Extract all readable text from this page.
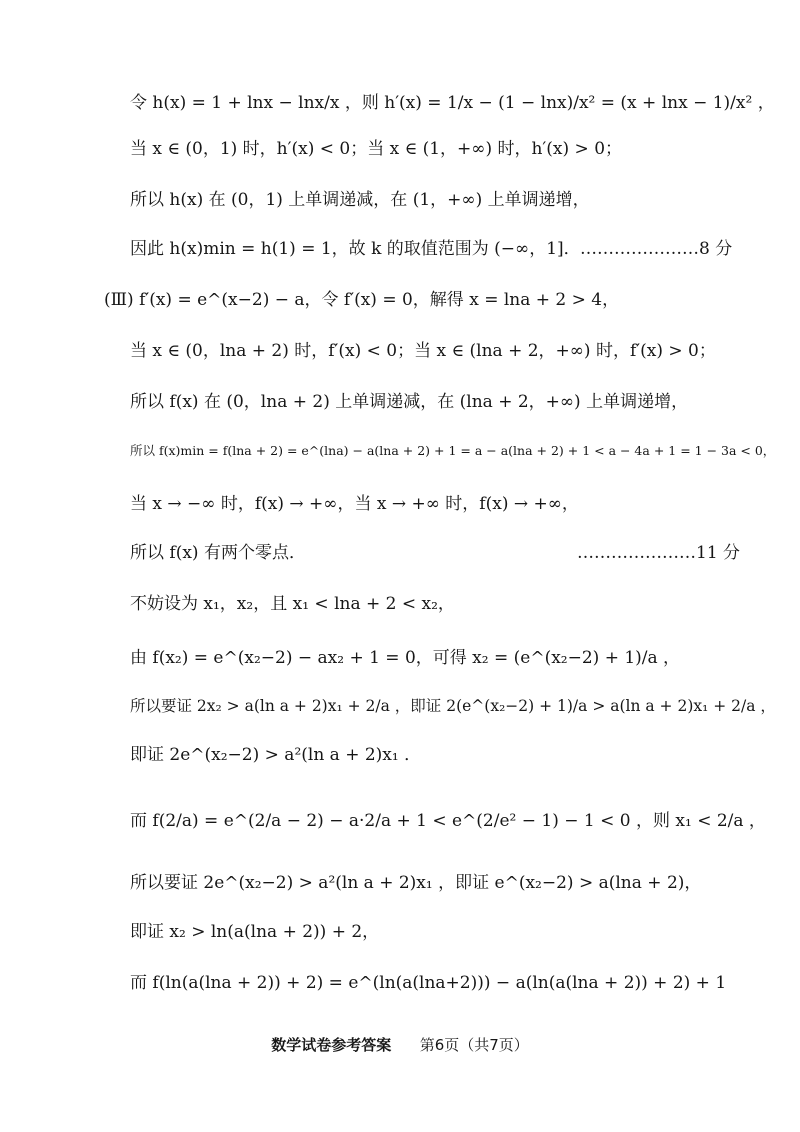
令 h(x) = 1 + lnx − lnx/x ，则 h′(x) = 1/x − (1 − lnx)/x² = (x + lnx − 1)/x² ，
当 x ∈ (0，1) 时，h′(x) < 0；当 x ∈ (1，+∞) 时，h′(x) > 0；
所以 h(x) 在 (0，1) 上单调递减，在 (1，+∞) 上单调递增，
因此 h(x)min = h(1) = 1，故 k 的取值范围为 (−∞，1]． …………………8 分
(Ⅲ) f′(x) = e^(x−2) − a，令 f′(x) = 0，解得 x = lna + 2 > 4，
当 x ∈ (0，lna + 2) 时，f′(x) < 0；当 x ∈ (lna + 2，+∞) 时，f′(x) > 0；
所以 f(x) 在 (0，lna + 2) 上单调递减，在 (lna + 2，+∞) 上单调递增，
所以 f(x)min = f(lna + 2) = e^(lna) − a(lna + 2) + 1 = a − a(lna + 2) + 1 < a − 4a + 1 = 1 − 3a < 0，
当 x → −∞ 时，f(x) → +∞，当 x → +∞ 时，f(x) → +∞，
所以 f(x) 有两个零点．	…………………11 分
不妨设为 x₁，x₂，且 x₁ < lna + 2 < x₂，
由 f(x₂) = e^(x₂−2) − ax₂ + 1 = 0，可得 x₂ = (e^(x₂−2) + 1)/a ，
所以要证 2x₂ > a(ln a + 2)x₁ + 2/a ，即证 2(e^(x₂−2) + 1)/a > a(ln a + 2)x₁ + 2/a ，
即证 2e^(x₂−2) > a²(ln a + 2)x₁ ．
而 f(2/a) = e^(2/a − 2) − a·2/a + 1 < e^(2/e² − 1) − 1 < 0 ，则 x₁ < 2/a ，
所以要证 2e^(x₂−2) > a²(ln a + 2)x₁ ，即证 e^(x₂−2) > a(lna + 2)，
即证 x₂ > ln(a(lna + 2)) + 2，
而 f(ln(a(lna + 2)) + 2) = e^(ln(a(lna+2))) − a(ln(a(lna + 2)) + 2) + 1
数学试卷参考答案 第6页（共7页）
